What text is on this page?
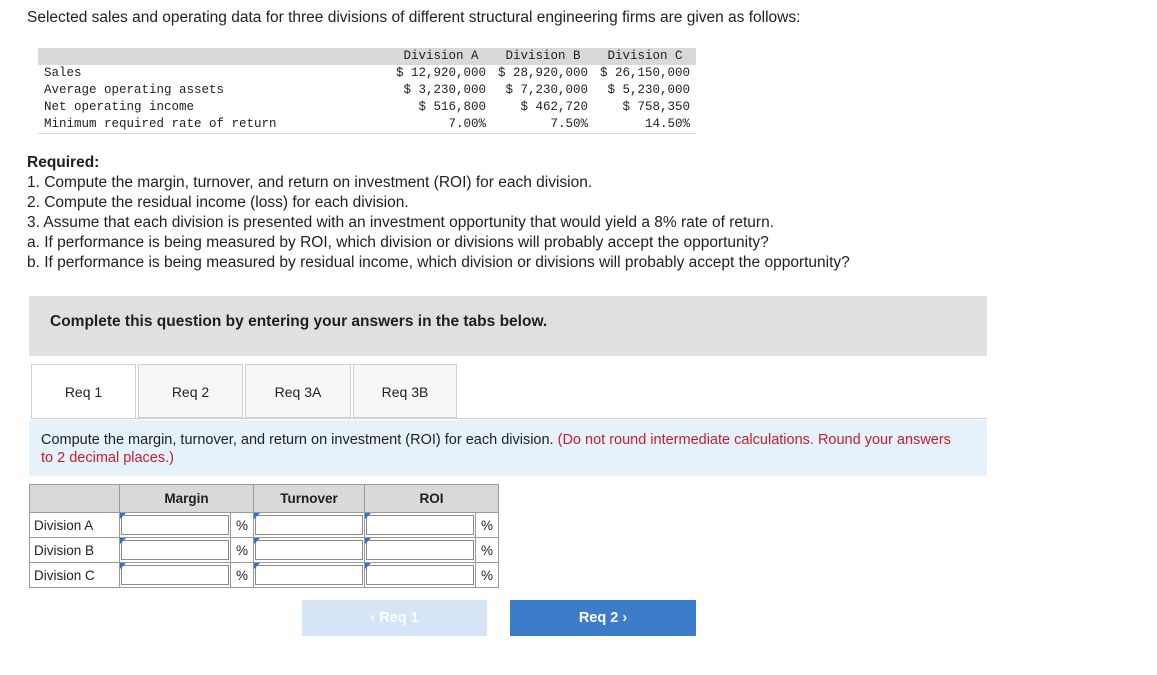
Selected sales and operating data for three divisions of different structural engineering firms are given as follows:
	Division A	Division B	Division C
Sales	$ 12,920,000	$ 28,920,000	$ 26,150,000
Average operating assets	$ 3,230,000	$ 7,230,000	$ 5,230,000
Net operating income	$ 516,800	$ 462,720	$ 758,350
Minimum required rate of return	7.00%	7.50%	14.50%
Required:
1. Compute the margin, turnover, and return on investment (ROI) for each division.
2. Compute the residual income (loss) for each division.
3. Assume that each division is presented with an investment opportunity that would yield a 8% rate of return.
a. If performance is being measured by ROI, which division or divisions will probably accept the opportunity?
b. If performance is being measured by residual income, which division or divisions will probably accept the opportunity?
Complete this question by entering your answers in the tabs below.
Req 1	Req 2	Req 3A	Req 3B
Compute the margin, turnover, and return on investment (ROI) for each division. (Do not round intermediate calculations. Round your answers to 2 decimal places.)
	Margin		Turnover	ROI	
Division A		%			%
Division B		%			%
Division C		%			%
‹ Req 1	Req 2 ›
